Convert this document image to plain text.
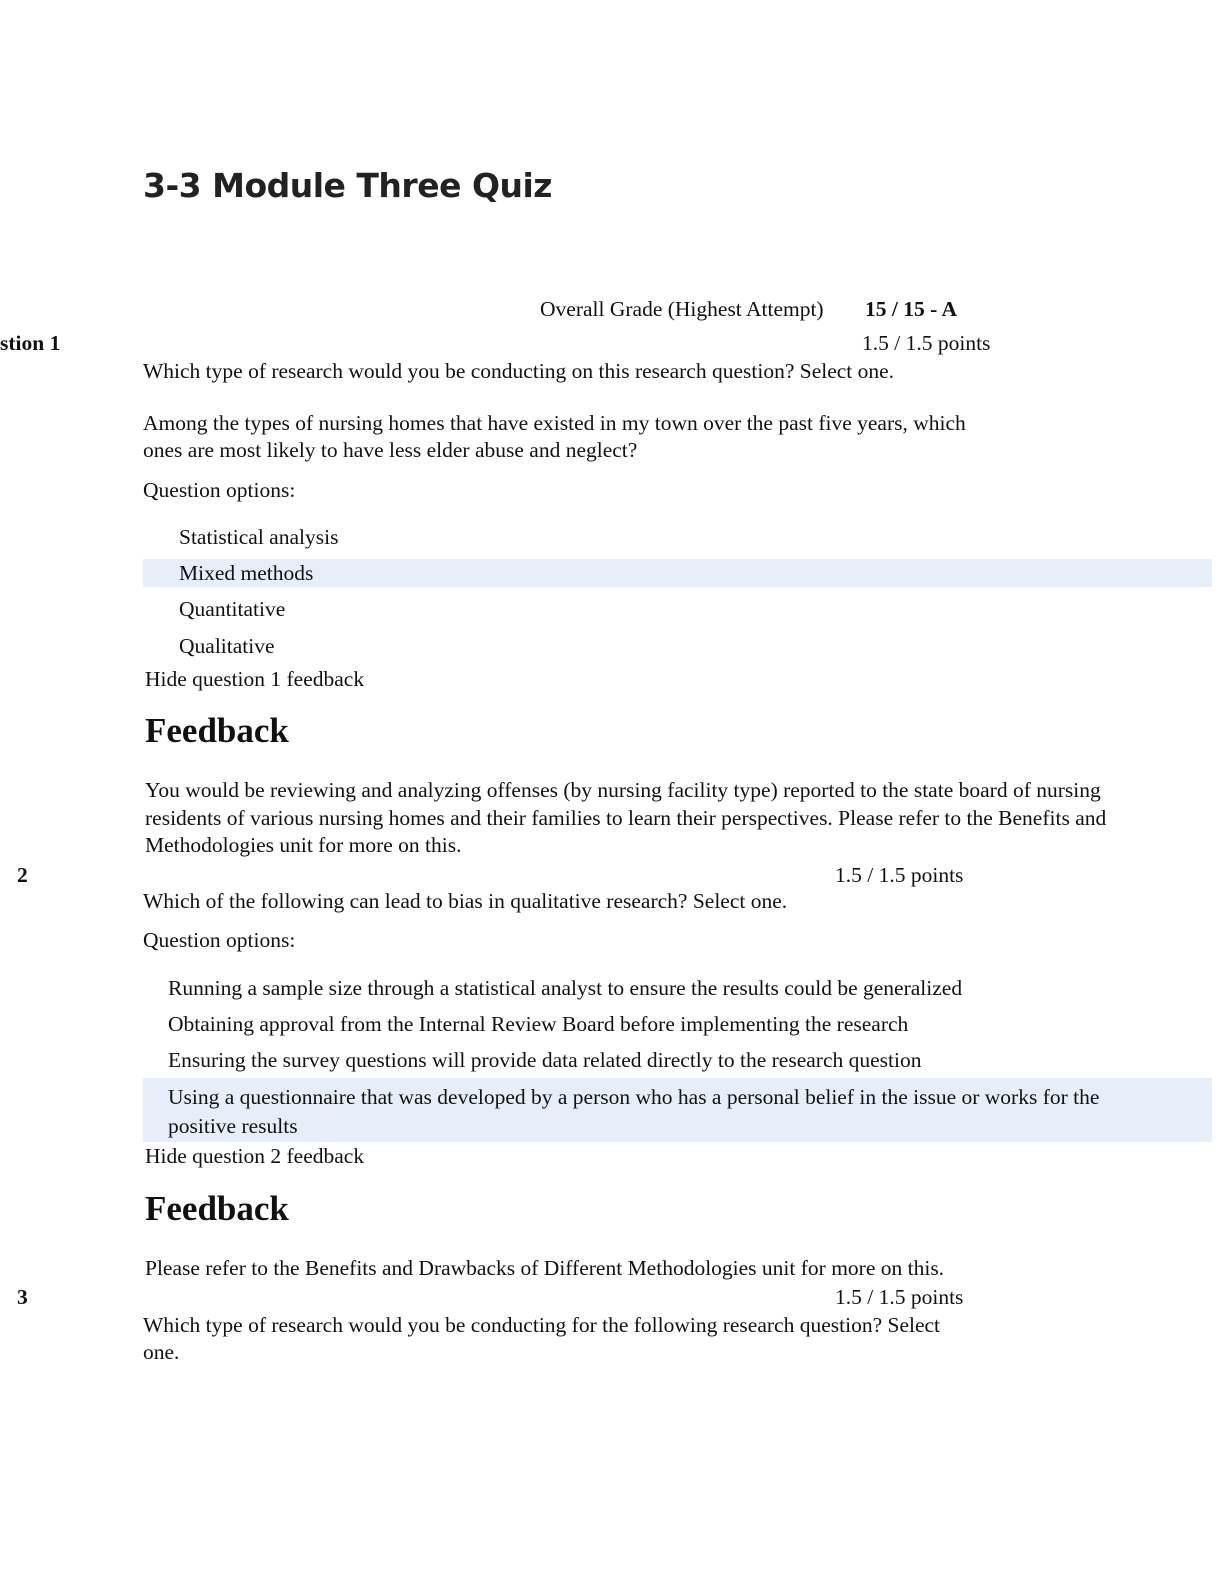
3-3 Module Three Quiz
Overall Grade (Highest Attempt) 15 / 15 - A
stion 1	1.5 / 1.5 points
Which type of research would you be conducting on this research question? Select one.
Among the types of nursing homes that have existed in my town over the past five years, which
ones are most likely to have less elder abuse and neglect?
Question options:
Statistical analysis
Mixed methods
Quantitative
Qualitative
Hide question 1 feedback
Feedback
You would be reviewing and analyzing offenses (by nursing facility type) reported to the state board of nursing
residents of various nursing homes and their families to learn their perspectives. Please refer to the Benefits and
Methodologies unit for more on this.
2	1.5 / 1.5 points
Which of the following can lead to bias in qualitative research? Select one.
Question options:
Running a sample size through a statistical analyst to ensure the results could be generalized
Obtaining approval from the Internal Review Board before implementing the research
Ensuring the survey questions will provide data related directly to the research question
Using a questionnaire that was developed by a person who has a personal belief in the issue or works for the
positive results
Hide question 2 feedback
Feedback
Please refer to the Benefits and Drawbacks of Different Methodologies unit for more on this.
3	1.5 / 1.5 points
Which type of research would you be conducting for the following research question? Select
one.
